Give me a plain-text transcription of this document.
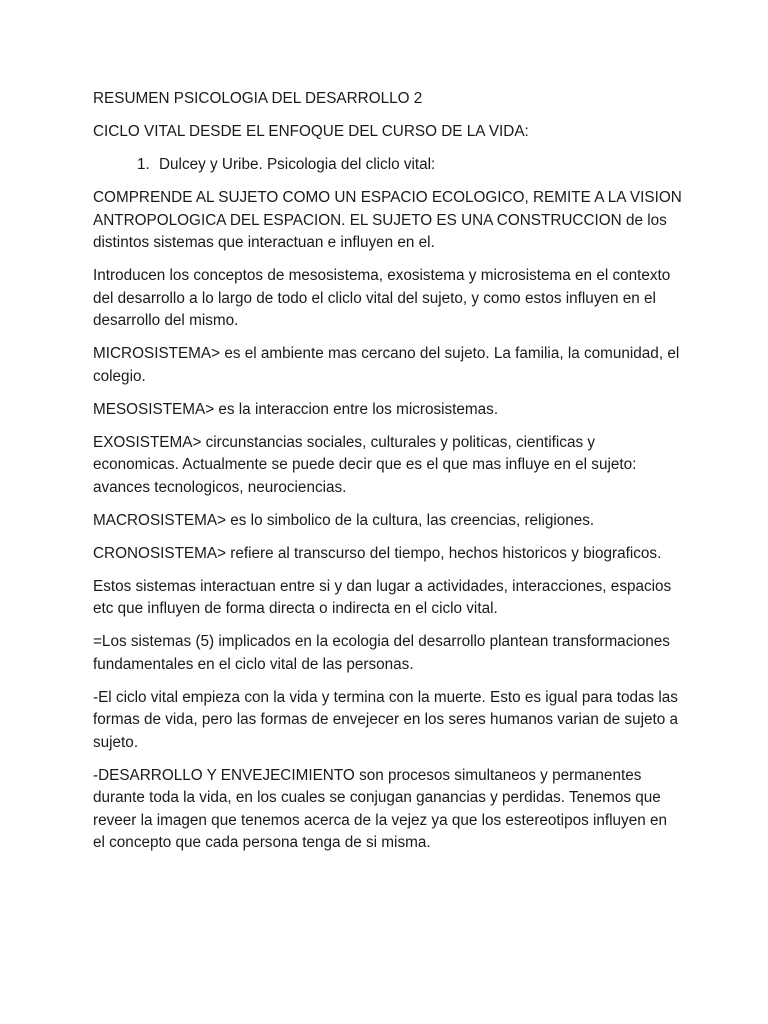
RESUMEN PSICOLOGIA DEL DESARROLLO 2

CICLO VITAL DESDE EL ENFOQUE DEL CURSO DE LA VIDA:

1. Dulcey y Uribe. Psicologia del cliclo vital:

COMPRENDE AL SUJETO COMO UN ESPACIO ECOLOGICO, REMITE A LA VISION ANTROPOLOGICA DEL ESPACION. EL SUJETO ES UNA CONSTRUCCION de los distintos sistemas que interactuan e influyen en el.

Introducen los conceptos de mesosistema, exosistema y microsistema en el contexto del desarrollo a lo largo de todo el cliclo vital del sujeto, y como estos influyen en el desarrollo del mismo.

MICROSISTEMA> es el ambiente mas cercano del sujeto. La familia, la comunidad, el colegio.

MESOSISTEMA> es la interaccion entre los microsistemas.

EXOSISTEMA> circunstancias sociales, culturales y politicas, cientificas y economicas. Actualmente se puede decir que es el que mas influye en el sujeto: avances tecnologicos, neurociencias.

MACROSISTEMA> es lo simbolico de la cultura, las creencias, religiones.

CRONOSISTEMA> refiere al transcurso del tiempo, hechos historicos y biograficos.

Estos sistemas interactuan entre si y dan lugar a actividades, interacciones, espacios etc que influyen de forma directa o indirecta en el ciclo vital.

=Los sistemas (5) implicados en la ecologia del desarrollo plantean transformaciones fundamentales en el ciclo vital de las personas.

-El ciclo vital empieza con la vida y termina con la muerte. Esto es igual para todas las formas de vida, pero las formas de envejecer en los seres humanos varian de sujeto a sujeto.

-DESARROLLO Y ENVEJECIMIENTO son procesos simultaneos y permanentes durante toda la vida, en los cuales se conjugan ganancias y perdidas. Tenemos que reveer la imagen que tenemos acerca de la vejez ya que los estereotipos influyen en el concepto que cada persona tenga de si misma.
